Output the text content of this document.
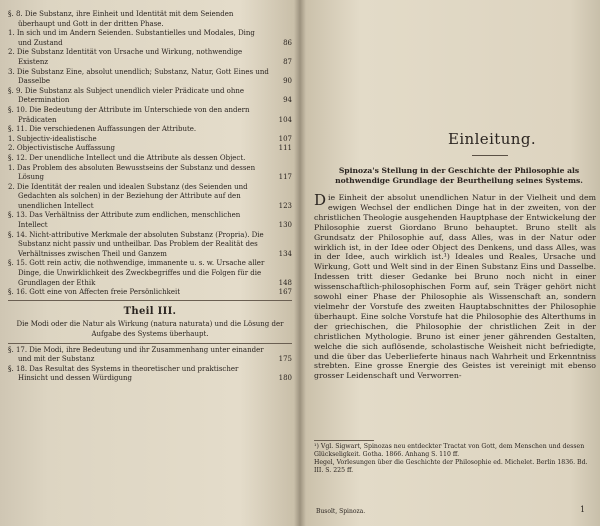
§. 8. Die Substanz, ihre Einheit und Identität mit dem Seienden überhaupt und Gott in der dritten Phase.
1. In sich und im Andern Seienden. Substantielles und Modales, Ding und Zustand	86
2. Die Substanz Identität von Ursache und Wirkung, nothwendige Existenz	87
3. Die Substanz Eine, absolut unendlich; Substanz, Natur, Gott Eines und Dasselbe	90
§. 9. Die Substanz als Subject unendlich vieler Prädicate und ohne Determination	94
§. 10. Die Bedeutung der Attribute im Unterschiede von den andern Prädicaten	104
§. 11. Die verschiedenen Auffassungen der Attribute.
1. Subjectiv-idealistische	107
2. Objectivistische Auffassung	111
§. 12. Der unendliche Intellect und die Attribute als dessen Object.
1. Das Problem des absoluten Bewusstseins der Substanz und dessen Lösung	117
2. Die Identität der realen und idealen Substanz (des Seienden und Gedachten als solchen) in der Beziehung der Attribute auf den unendlichen Intellect	123
§. 13. Das Verhältniss der Attribute zum endlichen, menschlichen Intellect	130
§. 14. Nicht-attributive Merkmale der absoluten Substanz (Propria). Die Substanz nicht passiv und untheilbar. Das Problem der Realität des Verhältnisses zwischen Theil und Ganzem	134
§. 15. Gott rein activ, die nothwendige, immanente u. s. w. Ursache aller Dinge, die Unwirklichkeit des Zweckbegriffes und die Folgen für die Grundlagen der Ethik	148
§. 16. Gott eine von Affecten freie Persönlichkeit	167
Theil III.
Die Modi oder die Natur als Wirkung (natura naturata) und die Lösung der Aufgabe des Systems überhaupt.
§. 17. Die Modi, ihre Bedeutung und ihr Zusammenhang unter einander und mit der Substanz	175
§. 18. Das Resultat des Systems in theoretischer und praktischer Hinsicht und dessen Würdigung	180
Einleitung.
Spinoza's Stellung in der Geschichte der Philosophie als nothwendige Grundlage der Beurtheilung seines Systems.
Die Einheit der absolut unendlichen Natur in der Vielheit und dem ewigen Wechsel der endlichen Dinge hat in der zweiten, von der christlichen Theologie ausgehenden Hauptphase der Entwickelung der Philosophie zuerst Giordano Bruno behauptet. Bruno stellt als Grundsatz der Philosophie auf, dass Alles, was in der Natur oder wirklich ist, in der Idee oder Object des Denkens, und dass Alles, was in der Idee, auch wirklich ist.¹) Ideales und Reales, Ursache und Wirkung, Gott und Welt sind in der Einen Substanz Eins und Dasselbe. Indessen tritt dieser Gedanke bei Bruno noch nicht in einer wissenschaftlich-philosophischen Form auf, sein Träger gehört nicht sowohl einer Phase der Philosophie als Wissenschaft an, sondern vielmehr der Vorstufe des zweiten Hauptabschnittes der Philosophie überhaupt. Eine solche Vorstufe hat die Philosophie des Alterthums in der griechischen, die Philosophie der christlichen Zeit in der christlichen Mythologie. Bruno ist einer jener gährenden Gestalten, welche die sich auflösende, scholastische Weisheit nicht befriedigte, und die über das Ueberlieferte hinaus nach Wahrheit und Erkenntniss strebten. Eine grosse Energie des Geistes ist vereinigt mit ebenso grosser Leidenschaft und Verworren-

¹) Vgl. Sigwart, Spinozas neu entdeckter Tractat von Gott, dem Menschen und dessen Glückseligkeit. Gotha. 1866. Anhang S. 110 ff.

Hegel, Vorlesungen über die Geschichte der Philosophie ed. Michelet. Berlin 1836. Bd. III. S. 225 ff.

Busolt, Spinoza.	1
